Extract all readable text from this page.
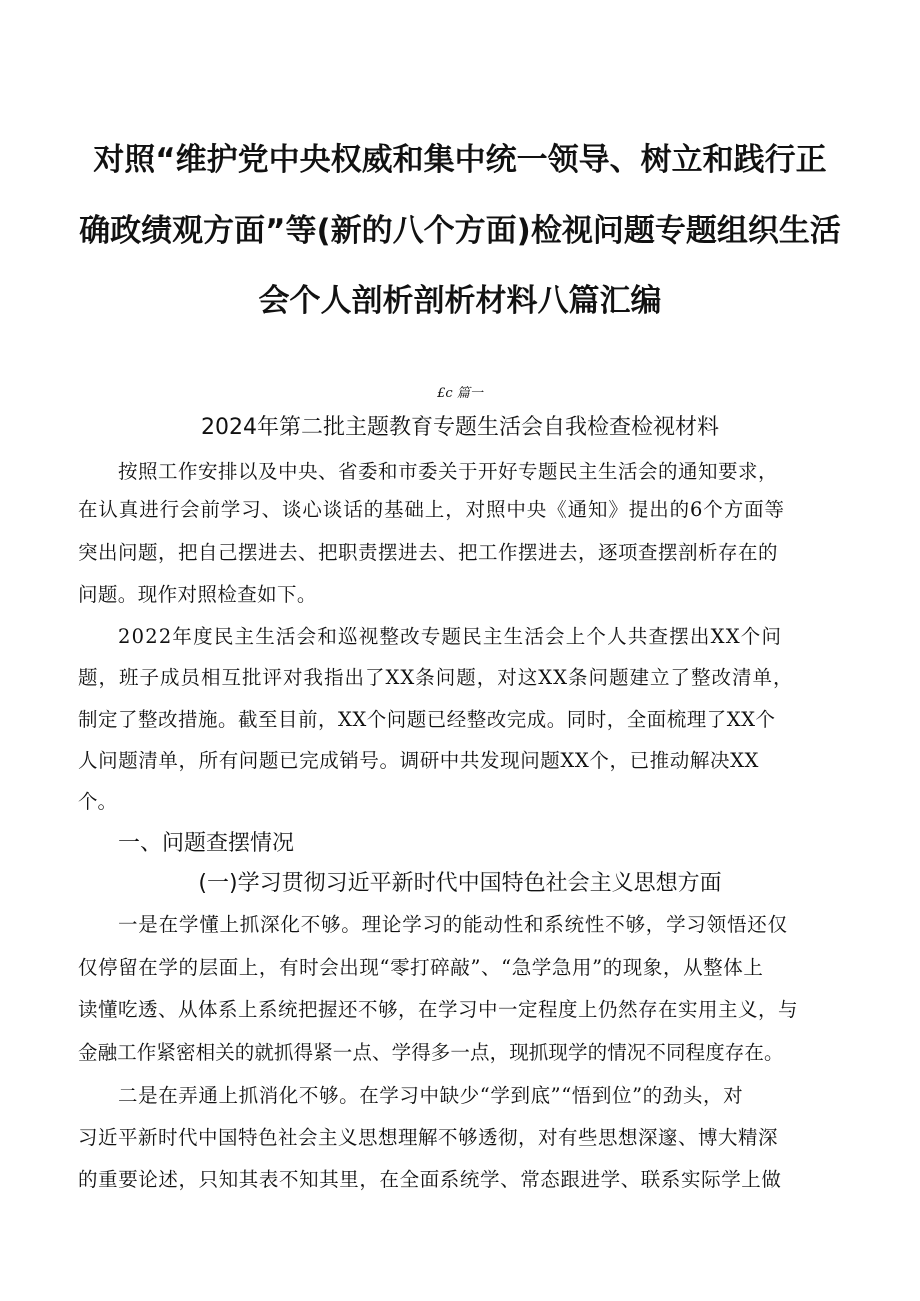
对照“维护党中央权威和集中统一领导、树立和践行正
确政绩观方面”等(新的八个方面)检视问题专题组织生活
会个人剖析剖析材料八篇汇编
£c 篇一
2024年第二批主题教育专题生活会自我检查检视材料
按照工作安排以及中央、省委和市委关于开好专题民主生活会的通知要求，
在认真进行会前学习、谈心谈话的基础上，对照中央《通知》提出的6个方面等
突出问题，把自己摆进去、把职责摆进去、把工作摆进去，逐项查摆剖析存在的
问题。现作对照检查如下。
2022年度民主生活会和巡视整改专题民主生活会上个人共查摆出XX个问
题，班子成员相互批评对我指出了XX条问题，对这XX条问题建立了整改清单，
制定了整改措施。截至目前，XX个问题已经整改完成。同时，全面梳理了XX个
人问题清单，所有问题已完成销号。调研中共发现问题XX个，已推动解决XX
个。
一、问题查摆情况
(一)学习贯彻习近平新时代中国特色社会主义思想方面
一是在学懂上抓深化不够。理论学习的能动性和系统性不够，学习领悟还仅
仅停留在学的层面上，有时会出现“零打碎敲”、“急学急用”的现象，从整体上
读懂吃透、从体系上系统把握还不够，在学习中一定程度上仍然存在实用主义，与
金融工作紧密相关的就抓得紧一点、学得多一点，现抓现学的情况不同程度存在。
二是在弄通上抓消化不够。在学习中缺少“学到底”“悟到位”的劲头，对
习近平新时代中国特色社会主义思想理解不够透彻，对有些思想深邃、博大精深
的重要论述，只知其表不知其里，在全面系统学、常态跟进学、联系实际学上做
